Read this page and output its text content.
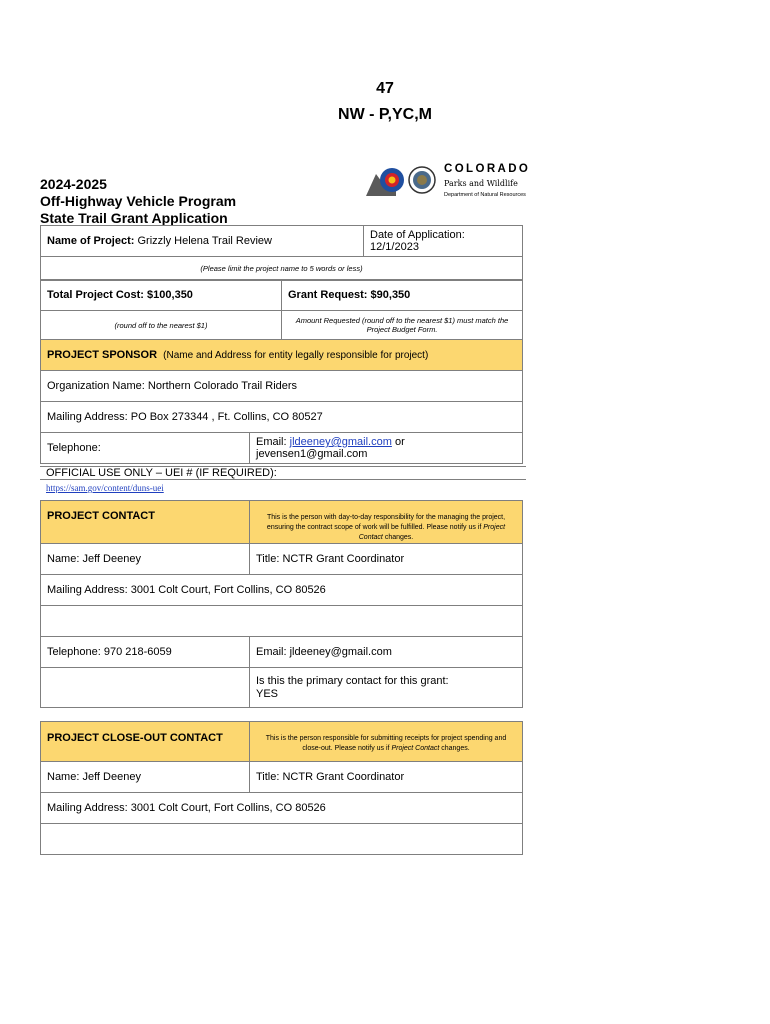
47
NW - P,YC,M
2024-2025
Off-Highway Vehicle Program
State Trail Grant Application
COLORADO
Parks and Wildlife
Department of Natural Resources
Name of Project: Grizzly Helena Trail Review	Date of Application: 12/1/2023
(Please limit the project name to 5 words or less)
Total Project Cost: $100,350	Grant Request: $90,350
(round off to the nearest $1)	Amount Requested (round off to the nearest $1) must match the Project Budget Form.
PROJECT SPONSOR (Name and Address for entity legally responsible for project)
Organization Name: Northern Colorado Trail Riders
Mailing Address: PO Box 273344 , Ft. Collins, CO 80527
Telephone:	Email: jldeeney@gmail.com or jevensen1@gmail.com
OFFICIAL USE ONLY – UEI # (IF REQUIRED):
https://sam.gov/content/duns-uei
PROJECT CONTACT	This is the person with day-to-day responsibility for the managing the project, ensuring the contract scope of work will be fulfilled. Please notify us if Project Contact changes.
Name: Jeff Deeney	Title: NCTR Grant Coordinator
Mailing Address: 3001 Colt Court, Fort Collins, CO 80526	

Telephone: 970 218-6059	Email: jldeeney@gmail.com

	Is this the primary contact for this grant:
YES
PROJECT CLOSE-OUT CONTACT	This is the person responsible for submitting receipts for project spending and close-out. Please notify us if Project Contact changes.
Name: Jeff Deeney	Title: NCTR Grant Coordinator
Mailing Address: 3001 Colt Court, Fort Collins, CO 80526	
